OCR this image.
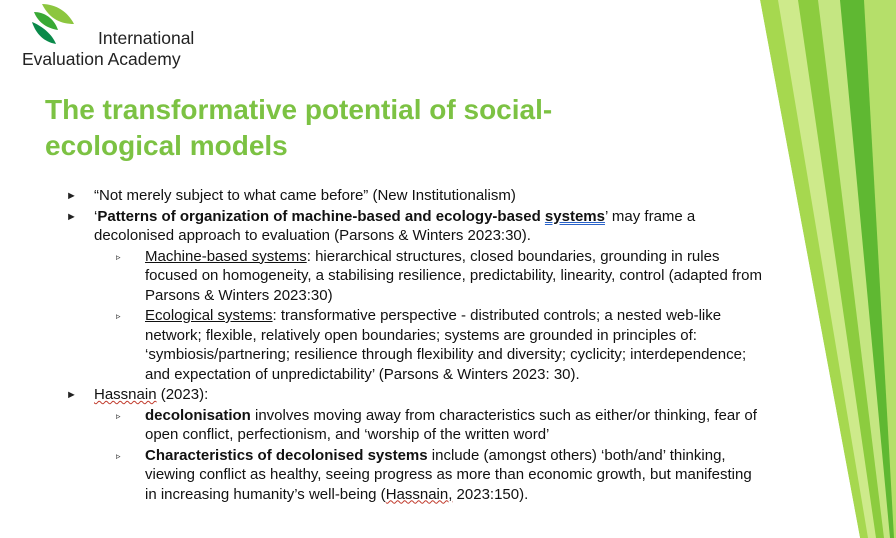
International
Evaluation Academy
The transformative potential of social-ecological models
► “Not merely subject to what came before” (New Institutionalism)
► ‘Patterns of organization of machine-based and ecology-based systems’ may frame a decolonised approach to evaluation (Parsons & Winters 2023:30).
▹ Machine-based systems: hierarchical structures, closed boundaries, grounding in rules focused on homogeneity, a stabilising resilience, predictability, linearity, control (adapted from Parsons & Winters 2023:30)
▹ Ecological systems: transformative perspective - distributed controls; a nested web-like network; flexible, relatively open boundaries; systems are grounded in principles of: ‘symbiosis/partnering; resilience through flexibility and diversity; cyclicity; interdependence; and expectation of unpredictability’ (Parsons & Winters 2023: 30).
► Hassnain (2023):
▹ decolonisation involves moving away from characteristics such as either/or thinking, fear of open conflict, perfectionism, and ‘worship of the written word’
▹ Characteristics of decolonised systems include (amongst others) ‘both/and’ thinking, viewing conflict as healthy, seeing progress as more than economic growth, but manifesting in increasing humanity’s well-being (Hassnain, 2023:150).
